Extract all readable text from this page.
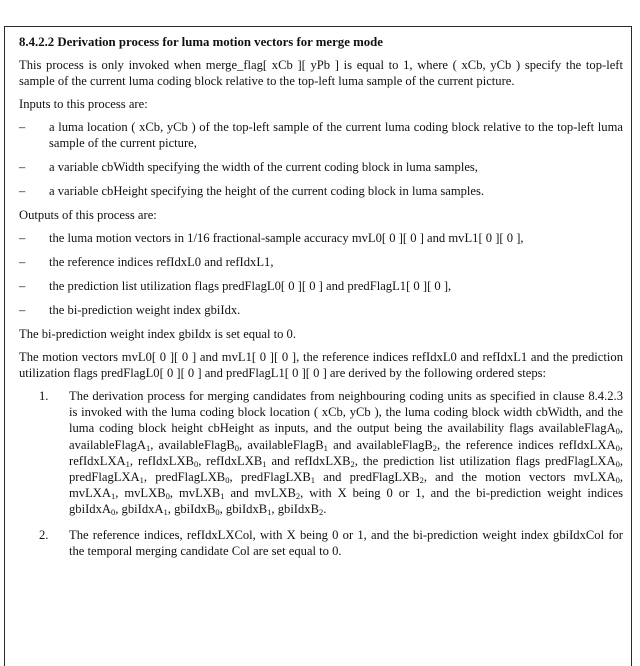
8.4.2.2 Derivation process for luma motion vectors for merge mode

This process is only invoked when merge_flag[ xCb ][ yPb ] is equal to 1, where ( xCb, yCb ) specify the top-left sample of the current luma coding block relative to the top-left luma sample of the current picture.

Inputs to this process are:

–	a luma location ( xCb, yCb ) of the top-left sample of the current luma coding block relative to the top-left luma sample of the current picture,
–	a variable cbWidth specifying the width of the current coding block in luma samples,
–	a variable cbHeight specifying the height of the current coding block in luma samples.

Outputs of this process are:

–	the luma motion vectors in 1/16 fractional-sample accuracy mvL0[ 0 ][ 0 ] and mvL1[ 0 ][ 0 ],
–	the reference indices refIdxL0 and refIdxL1,
–	the prediction list utilization flags predFlagL0[ 0 ][ 0 ] and predFlagL1[ 0 ][ 0 ],
–	the bi-prediction weight index gbiIdx.

The bi-prediction weight index gbiIdx is set equal to 0.

The motion vectors mvL0[ 0 ][ 0 ] and mvL1[ 0 ][ 0 ], the reference indices refIdxL0 and refIdxL1 and the prediction utilization flags predFlagL0[ 0 ][ 0 ] and predFlagL1[ 0 ][ 0 ] are derived by the following ordered steps:

1.	The derivation process for merging candidates from neighbouring coding units as specified in clause 8.4.2.3 is invoked with the luma coding block location ( xCb, yCb ), the luma coding block width cbWidth, and the luma coding block height cbHeight as inputs, and the output being the availability flags availableFlagA0, availableFlagA1, availableFlagB0, availableFlagB1 and availableFlagB2, the reference indices refIdxLXA0, refIdxLXA1, refIdxLXB0, refIdxLXB1 and refIdxLXB2, the prediction list utilization flags predFlagLXA0, predFlagLXA1, predFlagLXB0, predFlagLXB1 and predFlagLXB2, and the motion vectors mvLXA0, mvLXA1, mvLXB0, mvLXB1 and mvLXB2, with X being 0 or 1, and the bi-prediction weight indices gbiIdxA0, gbiIdxA1, gbiIdxB0, gbiIdxB1, gbiIdxB2.
2.	The reference indices, refIdxLXCol, with X being 0 or 1, and the bi-prediction weight index gbiIdxCol for the temporal merging candidate Col are set equal to 0.
